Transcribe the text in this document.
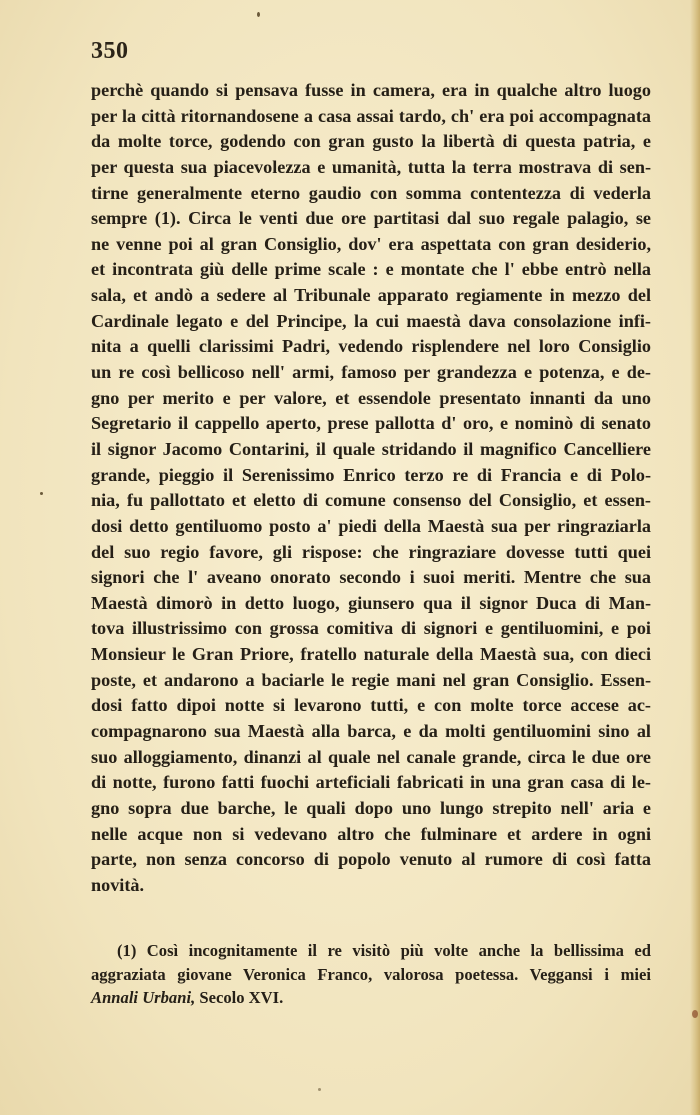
350
perchè quando si pensava fusse in camera, era in qualche altro luogo
per la città ritornandosene a casa assai tardo, ch' era poi accompagnata
da molte torce, godendo con gran gusto la libertà di questa patria, e
per questa sua piacevolezza e umanità, tutta la terra mostrava di sen-
tirne generalmente eterno gaudio con somma contentezza di vederla
sempre (1). Circa le venti due ore partitasi dal suo regale palagio, se
ne venne poi al gran Consiglio, dov' era aspettata con gran desiderio,
et incontrata giù delle prime scale : e montate che l' ebbe entrò nella
sala, et andò a sedere al Tribunale apparato regiamente in mezzo del
Cardinale legato e del Principe, la cui maestà dava consolazione infi-
nita a quelli clarissimi Padri, vedendo risplendere nel loro Consiglio
un re così bellicoso nell' armi, famoso per grandezza e potenza, e de-
gno per merito e per valore, et essendole presentato innanti da uno
Segretario il cappello aperto, prese pallotta d' oro, e nominò di senato
il signor Jacomo Contarini, il quale stridando il magnifico Cancelliere
grande, pieggio il Serenissimo Enrico terzo re di Francia e di Polo-
nia, fu pallottato et eletto di comune consenso del Consiglio, et essen-
dosi detto gentiluomo posto a' piedi della Maestà sua per ringraziarla
del suo regio favore, gli rispose: che ringraziare dovesse tutti quei
signori che l' aveano onorato secondo i suoi meriti. Mentre che sua
Maestà dimorò in detto luogo, giunsero qua il signor Duca di Man-
tova illustrissimo con grossa comitiva di signori e gentiluomini, e poi
Monsieur le Gran Priore, fratello naturale della Maestà sua, con dieci
poste, et andarono a baciarle le regie mani nel gran Consiglio. Essen-
dosi fatto dipoi notte si levarono tutti, e con molte torce accese ac-
compagnarono sua Maestà alla barca, e da molti gentiluomini sino al
suo alloggiamento, dinanzi al quale nel canale grande, circa le due ore
di notte, furono fatti fuochi arteficiali fabricati in una gran casa di le-
gno sopra due barche, le quali dopo uno lungo strepito nell' aria e
nelle acque non si vedevano altro che fulminare et ardere in ogni
parte, non senza concorso di popolo venuto al rumore di così fatta
novità.
(1) Così incognitamente il re visitò più volte anche la bellissima ed
aggraziata giovane Veronica Franco, valorosa poetessa. Veggansi i miei
Annali Urbani, Secolo XVI.
